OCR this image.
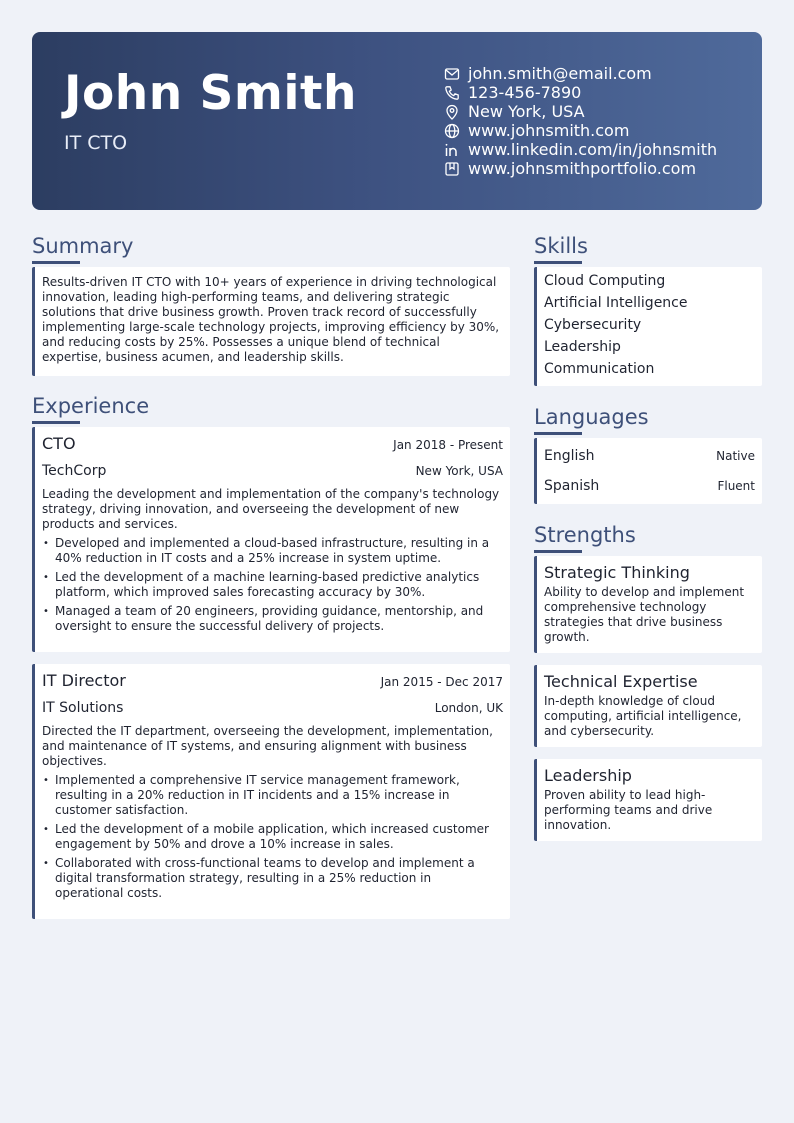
John Smith
IT CTO
john.smith@email.com
123-456-7890
New York, USA
www.johnsmith.com
www.linkedin.com/in/johnsmith
www.johnsmithportfolio.com
Summary

Results-driven IT CTO with 10+ years of experience in driving technological innovation, leading high-performing teams, and delivering strategic solutions that drive business growth. Proven track record of successfully implementing large-scale technology projects, improving efficiency by 30%, and reducing costs by 25%. Possesses a unique blend of technical expertise, business acumen, and leadership skills.

Experience
CTO	Jan 2018 - Present
TechCorp	New York, USA

Leading the development and implementation of the company's technology strategy, driving innovation, and overseeing the development of new products and services.

• Developed and implemented a cloud-based infrastructure, resulting in a 40% reduction in IT costs and a 25% increase in system uptime.
• Led the development of a machine learning-based predictive analytics platform, which improved sales forecasting accuracy by 30%.
• Managed a team of 20 engineers, providing guidance, mentorship, and oversight to ensure the successful delivery of projects.
IT Director	Jan 2015 - Dec 2017
IT Solutions	London, UK

Directed the IT department, overseeing the development, implementation, and maintenance of IT systems, and ensuring alignment with business objectives.

• Implemented a comprehensive IT service management framework, resulting in a 20% reduction in IT incidents and a 15% increase in customer satisfaction.
• Led the development of a mobile application, which increased customer engagement by 50% and drove a 10% increase in sales.
• Collaborated with cross-functional teams to develop and implement a digital transformation strategy, resulting in a 25% reduction in operational costs.
Skills
Cloud Computing
Artificial Intelligence
Cybersecurity
Leadership
Communication
Languages
English	Native
Spanish	Fluent
Strengths
Strategic Thinking

Ability to develop and implement comprehensive technology strategies that drive business growth.

Technical Expertise

In-depth knowledge of cloud computing, artificial intelligence, and cybersecurity.

Leadership

Proven ability to lead high-performing teams and drive innovation.
